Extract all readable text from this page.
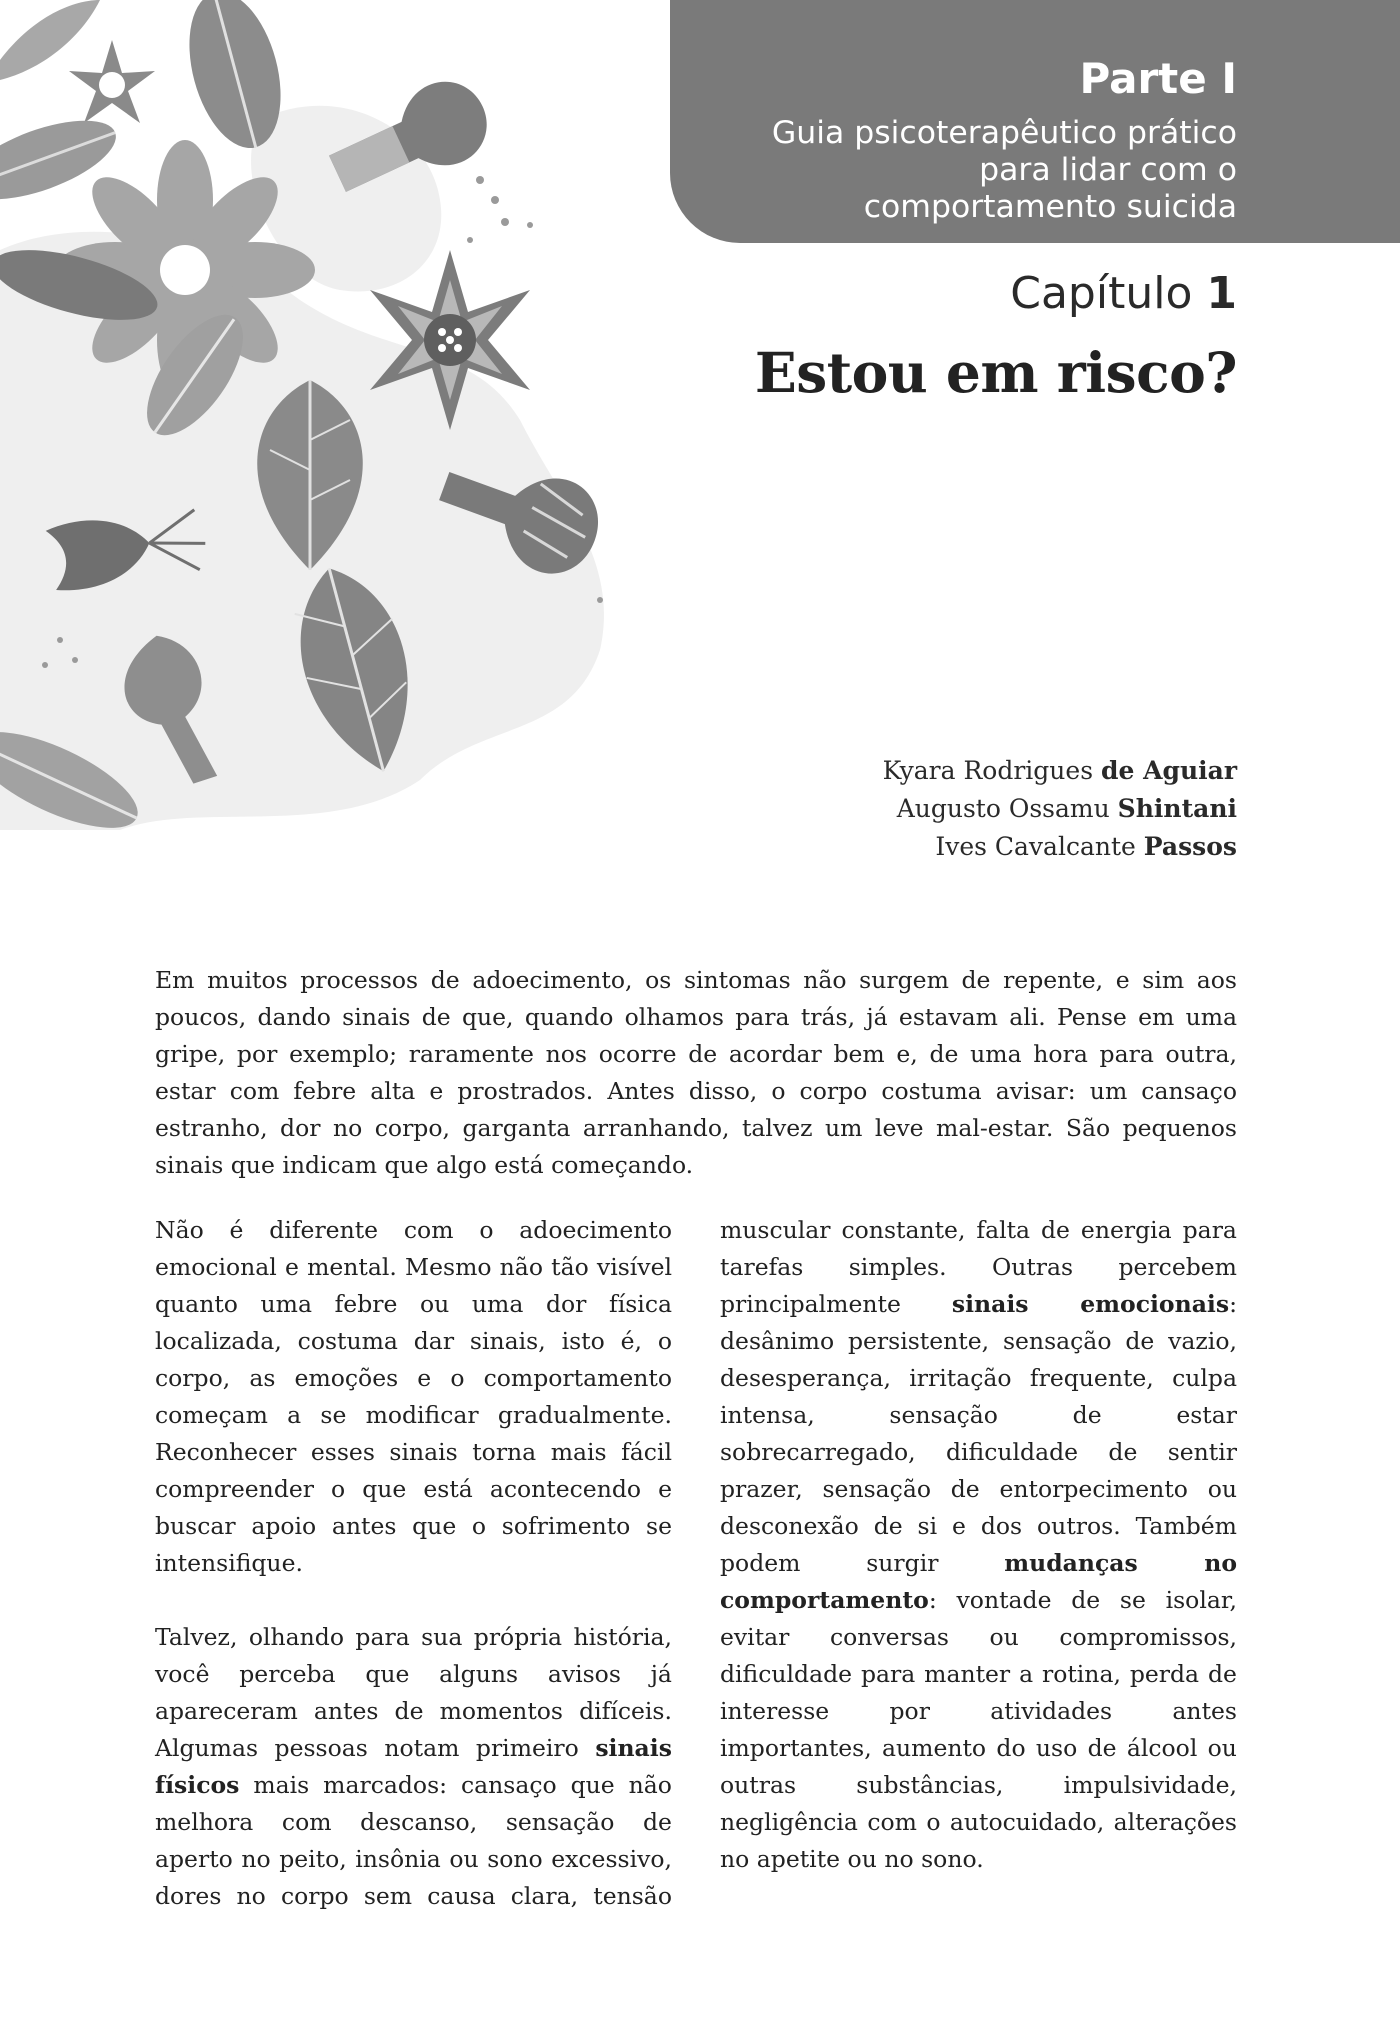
Parte I
Guia psicoterapêutico prático para lidar com o comportamento suicida
Capítulo 1
Estou em risco?
Kyara Rodrigues de Aguiar
Augusto Ossamu Shintani
Ives Cavalcante Passos

Em muitos processos de adoecimento, os sintomas não surgem de repente, e sim aos poucos, dando sinais de que, quando olhamos para trás, já estavam ali. Pense em uma gripe, por exemplo; raramente nos ocorre de acordar bem e, de uma hora para outra, estar com febre alta e prostrados. Antes disso, o corpo costuma avisar: um cansaço estranho, dor no corpo, garganta arranhando, talvez um leve mal-estar. São pequenos sinais que indicam que algo está começando.

Não é diferente com o adoecimento emocional e mental. Mesmo não tão visível quanto uma febre ou uma dor física localizada, costuma dar sinais, isto é, o corpo, as emoções e o comportamento começam a se modificar gradualmente. Reconhecer esses sinais torna mais fácil compreender o que está acontecendo e buscar apoio antes que o sofrimento se intensifique.

Talvez, olhando para sua própria história, você perceba que alguns avisos já apareceram antes de momentos difíceis. Algumas pessoas notam primeiro sinais físicos mais marcados: cansaço que não melhora com descanso, sensação de aperto no peito, insônia ou sono excessivo, dores no corpo sem causa clara, tensão

muscular constante, falta de energia para tarefas simples. Outras percebem principalmente sinais emocionais: desânimo persistente, sensação de vazio, desesperança, irritação frequente, culpa intensa,	sensação	de	estar sobrecarregado, dificuldade de sentir prazer, sensação de entorpecimento ou desconexão de si e dos outros. Também podem	surgir	mudanças	no comportamento: vontade de se isolar, evitar conversas ou compromissos, dificuldade para manter a rotina, perda de interesse	por	atividades	antes importantes, aumento do uso de álcool ou outras	substâncias,	impulsividade, negligência com o autocuidado, alterações no apetite ou no sono.
